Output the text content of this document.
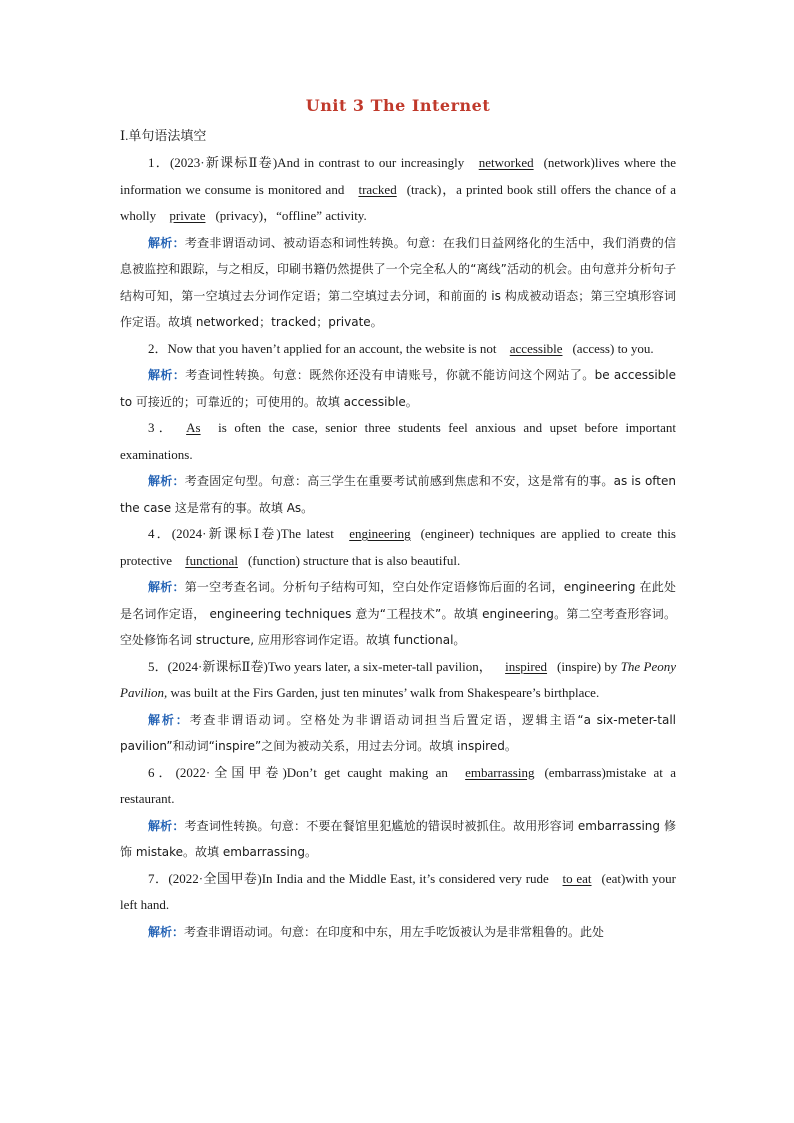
Unit 3 The Internet

Ⅰ.单句语法填空

1．(2023·新课标Ⅱ卷)And in contrast to our increasingly networked (network)lives where the information we consume is monitored and tracked (track)，a printed book still offers the chance of a wholly private (privacy)，“offline” activity.

解析：考查非谓语动词、被动语态和词性转换。句意：在我们日益网络化的生活中，我们消费的信息被监控和跟踪，与之相反，印刷书籍仍然提供了一个完全私人的“离线”活动的机会。由句意并分析句子结构可知，第一空填过去分词作定语；第二空填过去分词，和前面的 is 构成被动语态；第三空填形容词作定语。故填 networked；tracked；private。

2．Now that you haven’t applied for an account, the website is not accessible (access) to you.

解析：考查词性转换。句意：既然你还没有申请账号，你就不能访问这个网站了。be accessible to 可接近的；可靠近的；可使用的。故填 accessible。

3． As is often the case, senior three students feel anxious and upset before important examinations.

解析：考查固定句型。句意：高三学生在重要考试前感到焦虑和不安，这是常有的事。as is often the case 这是常有的事。故填 As。

4．(2024·新课标Ⅰ卷)The latest engineering (engineer) techniques are applied to create this protective functional (function) structure that is also beautiful.

解析：第一空考查名词。分析句子结构可知，空白处作定语修饰后面的名词，engineering 在此处是名词作定语， engineering techniques 意为“工程技术”。故填 engineering。第二空考查形容词。空处修饰名词 structure, 应用形容词作定语。故填 functional。

5．(2024·新课标Ⅱ卷)Two years later, a six-meter-tall pavilion， inspired (inspire) by The Peony Pavilion, was built at the Firs Garden, just ten minutes’ walk from Shakespeare’s birthplace.

解析：考查非谓语动词。空格处为非谓语动词担当后置定语，逻辑主语“a six-meter-tall pavilion”和动词“inspire”之间为被动关系，用过去分词。故填 inspired。

6．(2022·全国甲卷)Don’t get caught making an embarrassing (embarrass)mistake at a restaurant.

解析：考查词性转换。句意：不要在餐馆里犯尴尬的错误时被抓住。故用形容词 embarrassing 修饰 mistake。故填 embarrassing。

7．(2022·全国甲卷)In India and the Middle East, it’s considered very rude to eat (eat)with your left hand.

解析：考查非谓语动词。句意：在印度和中东，用左手吃饭被认为是非常粗鲁的。此处
